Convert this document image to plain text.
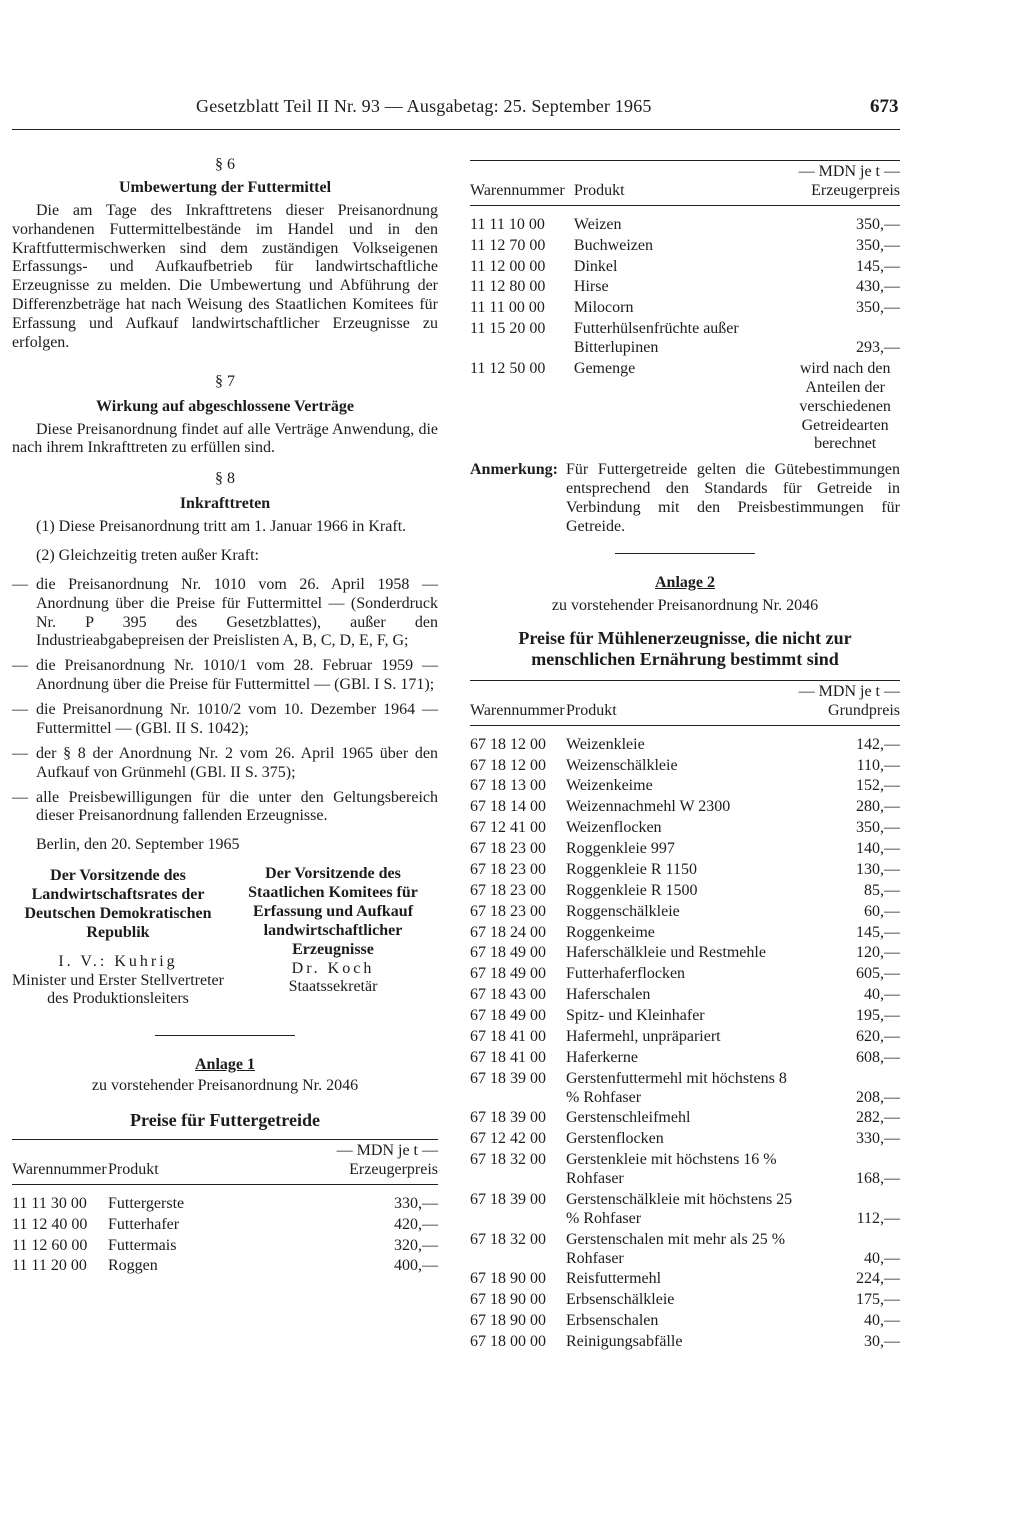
Gesetzblatt Teil II Nr. 93 — Ausgabetag: 25. September 1965	673

§ 6

Umbewertung der Futtermittel

Die am Tage des Inkrafttretens dieser Preisanordnung vorhandenen Futtermittelbestände im Handel und in den Kraftfuttermischwerken sind dem zuständigen Volkseigenen Erfassungs- und Aufkaufbetrieb für landwirtschaftliche Erzeugnisse zu melden. Die Umbewertung und Abführung der Differenzbeträge hat nach Weisung des Staatlichen Komitees für Erfassung und Aufkauf landwirtschaftlicher Erzeugnisse zu erfolgen.

§ 7

Wirkung auf abgeschlossene Verträge

Diese Preisanordnung findet auf alle Verträge Anwendung, die nach ihrem Inkrafttreten zu erfüllen sind.

§ 8

Inkrafttreten

(1) Diese Preisanordnung tritt am 1. Januar 1966 in Kraft.

(2) Gleichzeitig treten außer Kraft:

— die Preisanordnung Nr. 1010 vom 26. April 1958 — Anordnung über die Preise für Futtermittel — (Sonderdruck Nr. P 395 des Gesetzblattes), außer den Industrieabgabepreisen der Preislisten A, B, C, D, E, F, G;

— die Preisanordnung Nr. 1010/1 vom 28. Februar 1959 — Anordnung über die Preise für Futtermittel — (GBl. I S. 171);

— die Preisanordnung Nr. 1010/2 vom 10. Dezember 1964 — Futtermittel — (GBl. II S. 1042);

— der § 8 der Anordnung Nr. 2 vom 26. April 1965 über den Aufkauf von Grünmehl (GBl. II S. 375);

— alle Preisbewilligungen für die unter den Geltungsbereich dieser Preisanordnung fallenden Erzeugnisse.

Berlin, den 20. September 1965

Der Vorsitzende des Landwirtschaftsrates der Deutschen Demokratischen Republik
I. V.: Kuhrig
Minister und Erster Stellvertreter des Produktionsleiters
Der Vorsitzende des Staatlichen Komitees für Erfassung und Aufkauf landwirtschaftlicher Erzeugnisse
Dr. Koch
Staatssekretär

Anlage 1

zu vorstehender Preisanordnung Nr. 2046

Preise für Futtergetreide

Warennummer	Produkt	— MDN je t —
Erzeugerpreis
11 11 30 00	Futtergerste	330,—
11 12 40 00	Futterhafer	420,—
11 12 60 00	Futtermais	320,—
11 11 20 00	Roggen	400,—
Warennummer	Produkt	— MDN je t —
Erzeugerpreis
11 11 10 00	Weizen	350,—
11 12 70 00	Buchweizen	350,—
11 12 00 00	Dinkel	145,—
11 12 80 00	Hirse	430,—
11 11 00 00	Milocorn	350,—
11 15 20 00	Futterhülsenfrüchte außer Bitterlupinen	293,—
11 12 50 00	Gemenge	wird nach den Anteilen der verschiedenen Getreidearten berechnet
Anmerkung: Für Futtergetreide gelten die Gütebestimmungen entsprechend den Standards für Getreide in Verbindung mit den Preisbestimmungen für Getreide.

Anlage 2

zu vorstehender Preisanordnung Nr. 2046

Preise für Mühlenerzeugnisse, die nicht zur menschlichen Ernährung bestimmt sind

Warennummer	Produkt	— MDN je t —
Grundpreis
67 18 12 00	Weizenkleie	142,—
67 18 12 00	Weizenschälkleie	110,—
67 18 13 00	Weizenkeime	152,—
67 18 14 00	Weizennachmehl W 2300	280,—
67 12 41 00	Weizenflocken	350,—
67 18 23 00	Roggenkleie 997	140,—
67 18 23 00	Roggenkleie R 1150	130,—
67 18 23 00	Roggenkleie R 1500	85,—
67 18 23 00	Roggenschälkleie	60,—
67 18 24 00	Roggenkeime	145,—
67 18 49 00	Haferschälkleie und Restmehle	120,—
67 18 49 00	Futterhaferflocken	605,—
67 18 43 00	Haferschalen	40,—
67 18 49 00	Spitz- und Kleinhafer	195,—
67 18 41 00	Hafermehl, unpräpariert	620,—
67 18 41 00	Haferkerne	608,—
67 18 39 00	Gerstenfuttermehl mit höchstens 8 % Rohfaser	208,—
67 18 39 00	Gerstenschleifmehl	282,—
67 12 42 00	Gerstenflocken	330,—
67 18 32 00	Gerstenkleie mit höchstens 16 % Rohfaser	168,—
67 18 39 00	Gerstenschälkleie mit höchstens 25 % Rohfaser	112,—
67 18 32 00	Gerstenschalen mit mehr als 25 % Rohfaser	40,—
67 18 90 00	Reisfuttermehl	224,—
67 18 90 00	Erbsenschälkleie	175,—
67 18 90 00	Erbsenschalen	40,—
67 18 00 00	Reinigungsabfälle	30,—
